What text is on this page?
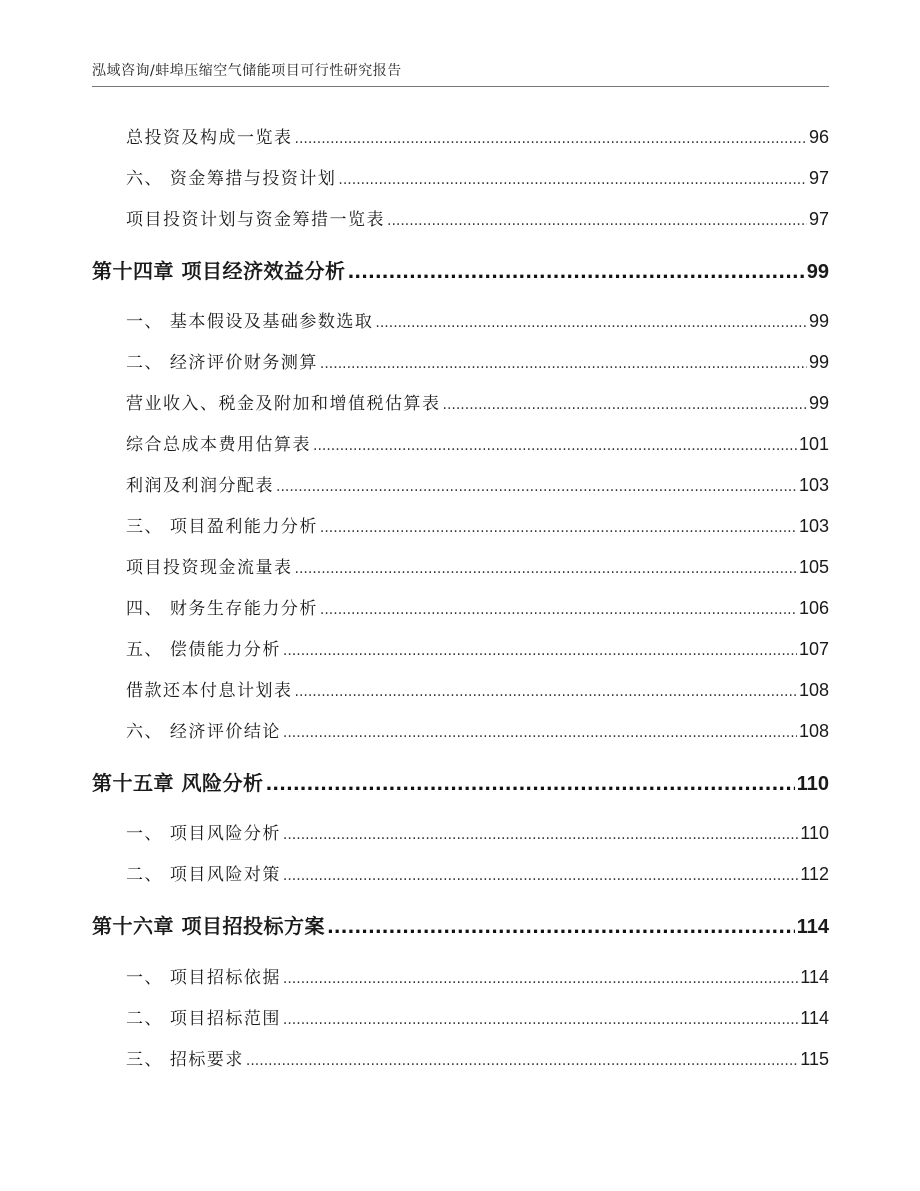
泓域咨询/蚌埠压缩空气储能项目可行性研究报告
总投资及构成一览表 .....	96
六、 资金筹措与投资计划 .....	97
项目投资计划与资金筹措一览表 .....	97
第十四章 项目经济效益分析 .....	99
一、 基本假设及基础参数选取 .....	99
二、 经济评价财务测算 .....	99
营业收入、税金及附加和增值税估算表 .....	99
综合总成本费用估算表 .....	101
利润及利润分配表 .....	103
三、 项目盈利能力分析 .....	103
项目投资现金流量表 .....	105
四、 财务生存能力分析 .....	106
五、 偿债能力分析 .....	107
借款还本付息计划表 .....	108
六、 经济评价结论 .....	108
第十五章 风险分析 .....	110
一、 项目风险分析 .....	110
二、 项目风险对策 .....	112
第十六章 项目招投标方案 .....	114
一、 项目招标依据 .....	114
二、 项目招标范围 .....	114
三、 招标要求 .....	115
